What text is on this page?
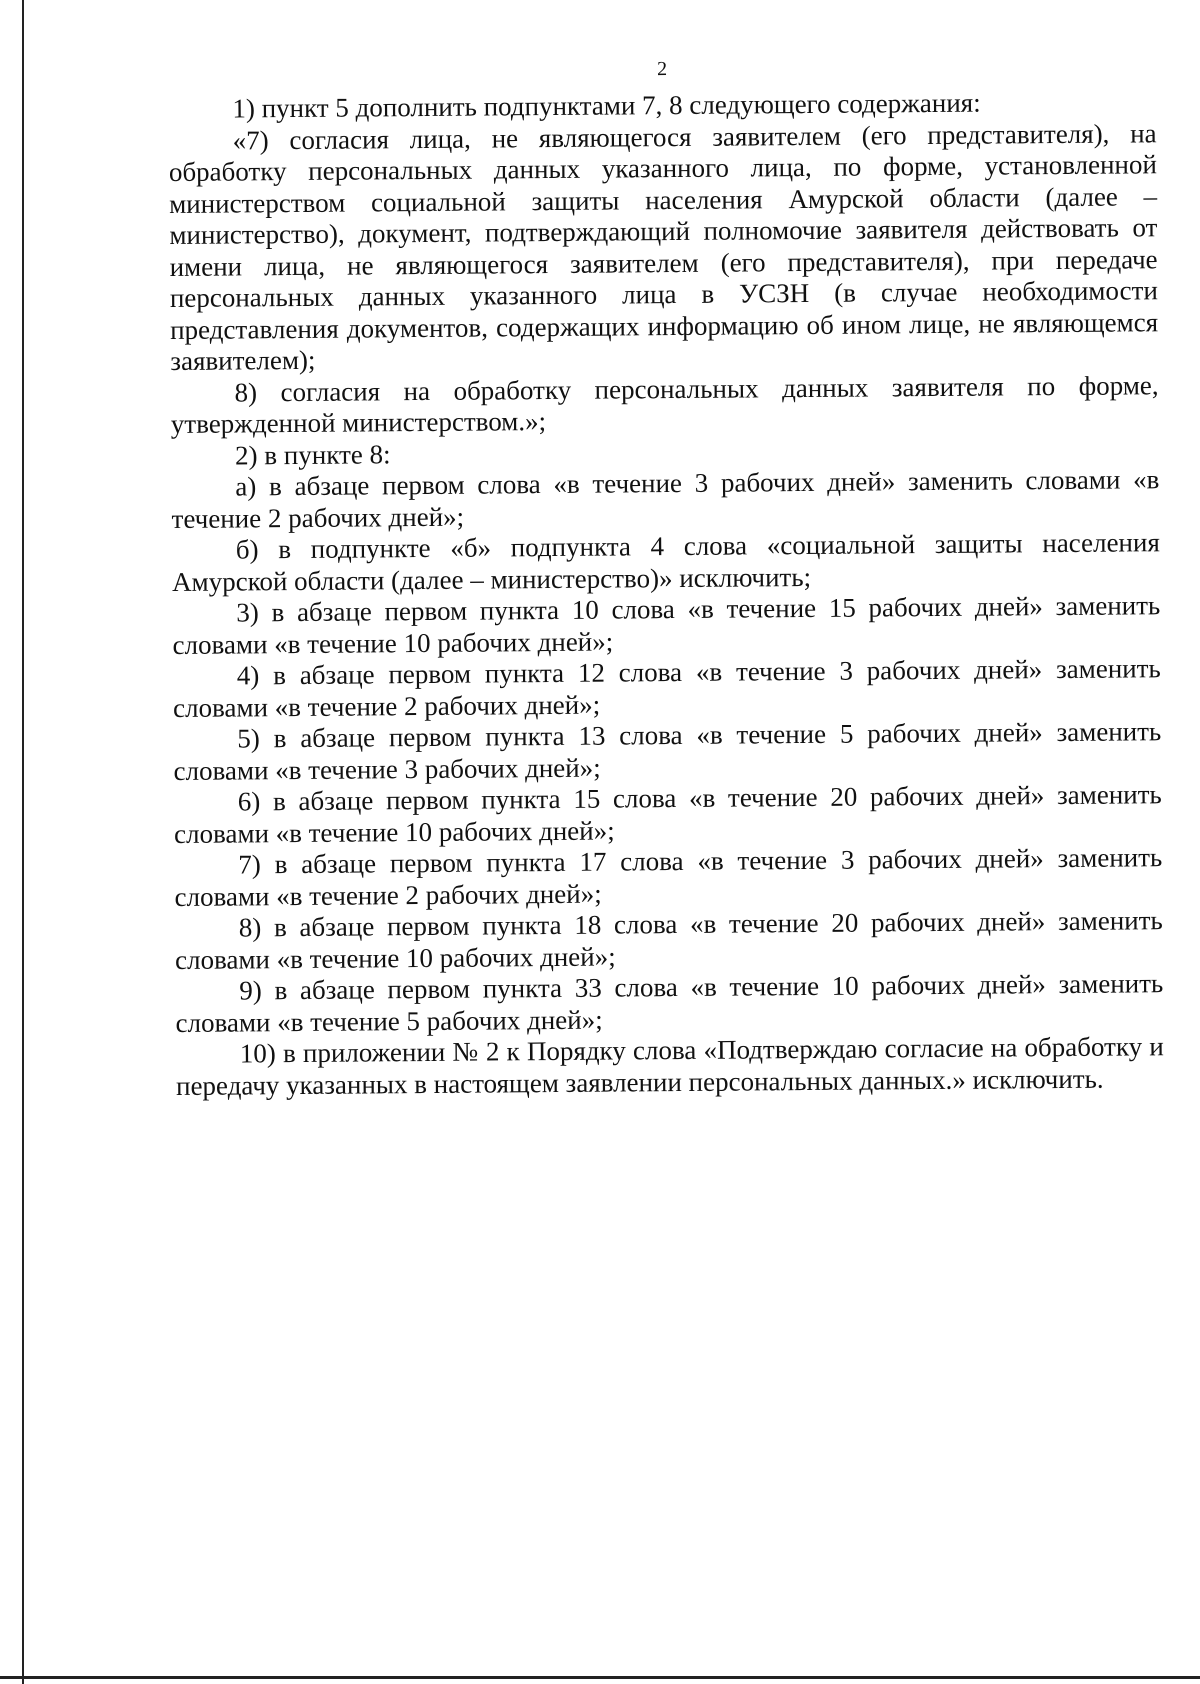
2

1) пункт 5 дополнить подпунктами 7, 8 следующего содержания:

«7) согласия лица, не являющегося заявителем (его представителя), на обработку персональных данных указанного лица, по форме, установленной министерством социальной защиты населения Амурской области (далее – министерство), документ, подтверждающий полномочие заявителя действовать от имени лица, не являющегося заявителем (его представителя), при передаче персональных данных указанного лица в УСЗН (в случае необходимости представления документов, содержащих информацию об ином лице, не являющемся заявителем);

8) согласия на обработку персональных данных заявителя по форме, утвержденной министерством.»;

2) в пункте 8:

а) в абзаце первом слова «в течение 3 рабочих дней» заменить словами «в течение 2 рабочих дней»;

б) в подпункте «б» подпункта 4 слова «социальной защиты населения Амурской области (далее – министерство)» исключить;

3) в абзаце первом пункта 10 слова «в течение 15 рабочих дней» заменить словами «в течение 10 рабочих дней»;

4) в абзаце первом пункта 12 слова «в течение 3 рабочих дней» заменить словами «в течение 2 рабочих дней»;

5) в абзаце первом пункта 13 слова «в течение 5 рабочих дней» заменить словами «в течение 3 рабочих дней»;

6) в абзаце первом пункта 15 слова «в течение 20 рабочих дней» заменить словами «в течение 10 рабочих дней»;

7) в абзаце первом пункта 17 слова «в течение 3 рабочих дней» заменить словами «в течение 2 рабочих дней»;

8) в абзаце первом пункта 18 слова «в течение 20 рабочих дней» заменить словами «в течение 10 рабочих дней»;

9) в абзаце первом пункта 33 слова «в течение 10 рабочих дней» заменить словами «в течение 5 рабочих дней»;

10) в приложении № 2 к Порядку слова «Подтверждаю согласие на обработку и передачу указанных в настоящем заявлении персональных данных.» исключить.
